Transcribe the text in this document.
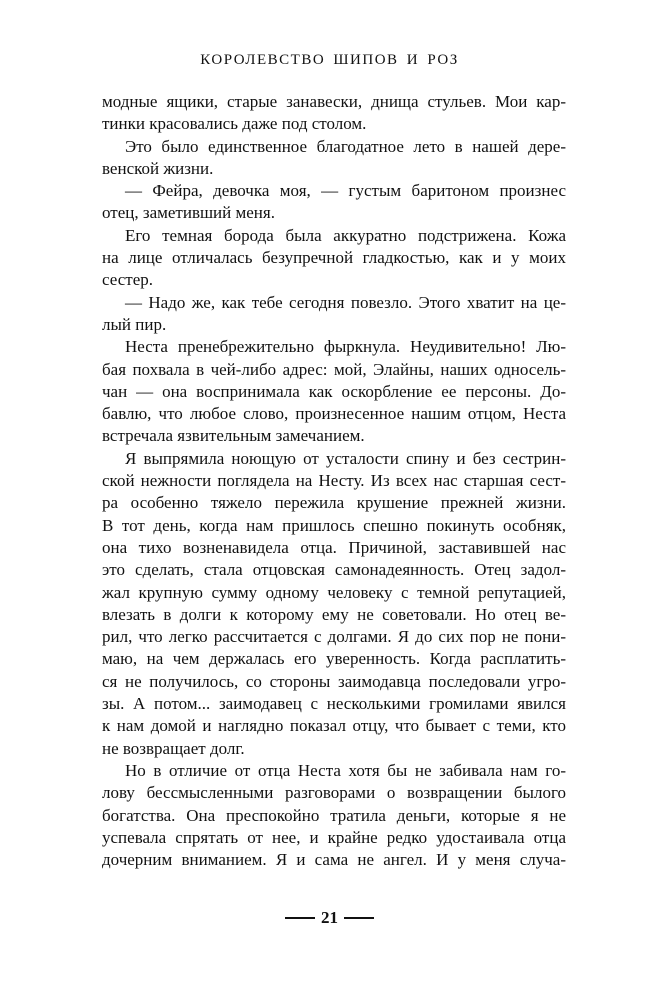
КОРОЛЕВСТВО ШИПОВ И РОЗ
модные ящики, старые занавески, днища стульев. Мои кар-
тинки красовались даже под столом.
Это было единственное благодатное лето в нашей дере-
венской жизни.
— Фейра, девочка моя, — густым баритоном произнес
отец, заметивший меня.
Его темная борода была аккуратно подстрижена. Кожа
на лице отличалась безупречной гладкостью, как и у моих
сестер.
— Надо же, как тебе сегодня повезло. Этого хватит на це-
лый пир.
Неста пренебрежительно фыркнула. Неудивительно! Лю-
бая похвала в чей-либо адрес: мой, Элайны, наших односель-
чан — она воспринимала как оскорбление ее персоны. До-
бавлю, что любое слово, произнесенное нашим отцом, Неста
встречала язвительным замечанием.
Я выпрямила ноющую от усталости спину и без сестрин-
ской нежности поглядела на Несту. Из всех нас старшая сест-
ра особенно тяжело пережила крушение прежней жизни.
В тот день, когда нам пришлось спешно покинуть особняк,
она тихо возненавидела отца. Причиной, заставившей нас
это сделать, стала отцовская самонадеянность. Отец задол-
жал крупную сумму одному человеку с темной репутацией,
влезать в долги к которому ему не советовали. Но отец ве-
рил, что легко рассчитается с долгами. Я до сих пор не пони-
маю, на чем держалась его уверенность. Когда расплатить-
ся не получилось, со стороны заимодавца последовали угро-
зы. А потом... заимодавец с несколькими громилами явился
к нам домой и наглядно показал отцу, что бывает с теми, кто
не возвращает долг.
Но в отличие от отца Неста хотя бы не забивала нам го-
лову бессмысленными разговорами о возвращении былого
богатства. Она преспокойно тратила деньги, которые я не
успевала спрятать от нее, и крайне редко удостаивала отца
дочерним вниманием. Я и сама не ангел. И у меня случа-
21
